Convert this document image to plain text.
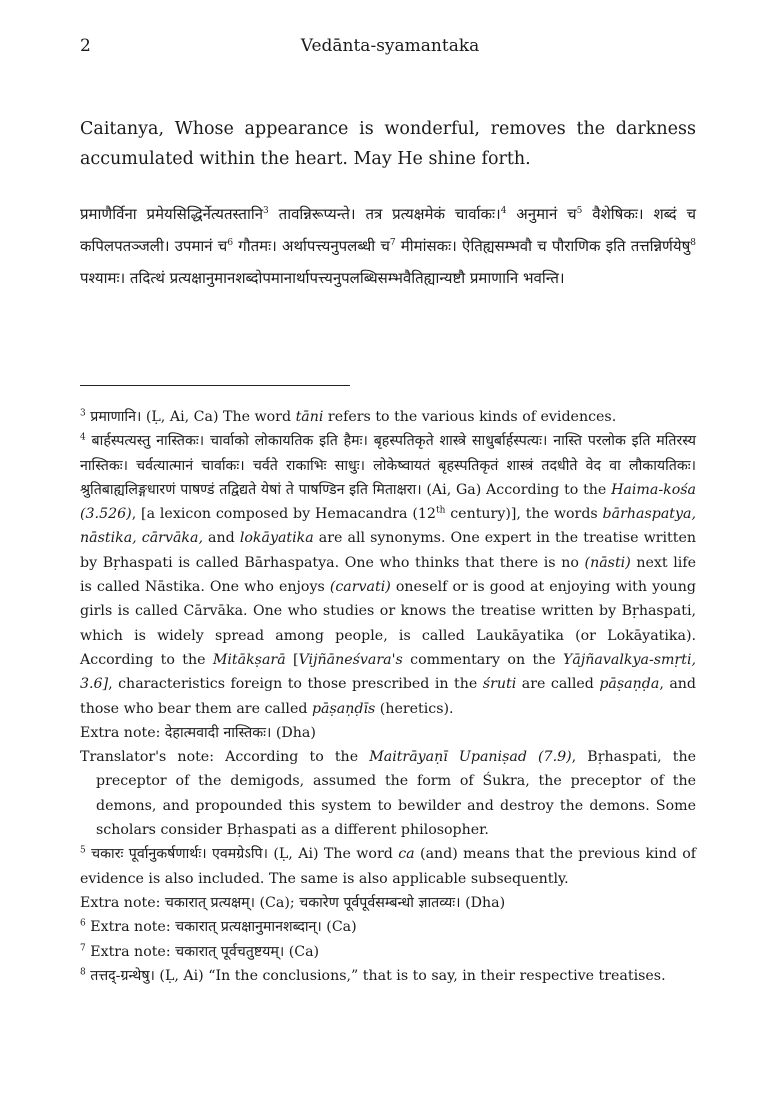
2	Vedānta-syamantaka

Caitanya, Whose appearance is wonderful, removes the darkness accumulated within the heart. May He shine forth.

प्रमाणैर्विना प्रमेयसिद्धिर्नेत्यतस्तानि$^3$ तावन्निरूप्यन्ते। तत्र प्रत्यक्षमेकं चार्वाकः।$^4$ अनुमानं च$^5$ वैशेषिकः। शब्दं च कपिलपतञ्जली। उपमानं च$^6$ गौतमः। अर्थापत्त्यनुपलब्धी च$^7$ मीमांसकः। ऐतिह्यसम्भवौ च पौराणिक इति तत्तन्निर्णयेषु$^8$ पश्यामः। तदित्थं प्रत्यक्षानुमानशब्दोपमानार्थापत्त्यनुपलब्धिसम्भवैतिह्यान्यष्टौ प्रमाणानि भवन्ति।

$^3$ प्रमाणानि। (Ḷ, Ai, Ca) The word tāni refers to the various kinds of evidences.

$^4$ बार्हस्पत्यस्तु नास्तिकः। चार्वाको लोकायतिक इति हैमः। बृहस्पतिकृते शास्त्रे साधुर्बार्हस्पत्यः। नास्ति परलोक इति मतिरस्य नास्तिकः। चर्वत्यात्मानं चार्वाकः। चर्वते राकाभिः साधुः। लोकेष्वायतं बृहस्पतिकृतं शास्त्रं तदधीते वेद वा लौकायतिकः। श्रुतिबाह्यलिङ्गधारणं पाषण्डं तद्विद्यते येषां ते पाषण्डिन इति मिताक्षरा। (Ai, Ga) According to the Haima-kośa (3.526), [a lexicon composed by Hemacandra (12th century)], the words bārhaspatya, nāstika, cārvāka, and lokāyatika are all synonyms. One expert in the treatise written by Bṛhaspati is called Bārhaspatya. One who thinks that there is no (nāsti) next life is called Nāstika. One who enjoys (carvati) oneself or is good at enjoying with young girls is called Cārvāka. One who studies or knows the treatise written by Bṛhaspati, which is widely spread among people, is called Laukāyatika (or Lokāyatika). According to the Mitākṣarā [Vijñāneśvara's commentary on the Yājñavalkya-smṛti, 3.6], characteristics foreign to those prescribed in the śruti are called pāṣaṇḍa, and those who bear them are called pāṣaṇḍīs (heretics).

Extra note: देहात्मवादी नास्तिकः। (Dha)

Translator's note: According to the Maitrāyaṇī Upaniṣad (7.9), Bṛhaspati, the preceptor of the demigods, assumed the form of Śukra, the preceptor of the demons, and propounded this system to bewilder and destroy the demons. Some scholars consider Bṛhaspati as a different philosopher.

$^5$ चकारः पूर्वानुकर्षणार्थः। एवमग्रेऽपि। (Ḷ, Ai) The word ca (and) means that the previous kind of evidence is also included. The same is also applicable subsequently.

Extra note: चकारात् प्रत्यक्षम्। (Ca); चकारेण पूर्वपूर्वसम्बन्धो ज्ञातव्यः। (Dha)

$^6$ Extra note: चकारात् प्रत्यक्षानुमानशब्दान्। (Ca)

$^7$ Extra note: चकारात् पूर्वचतुष्टयम्। (Ca)

$^8$ तत्तद्-ग्रन्थेषु। (Ḷ, Ai) “In the conclusions,” that is to say, in their respective treatises.
